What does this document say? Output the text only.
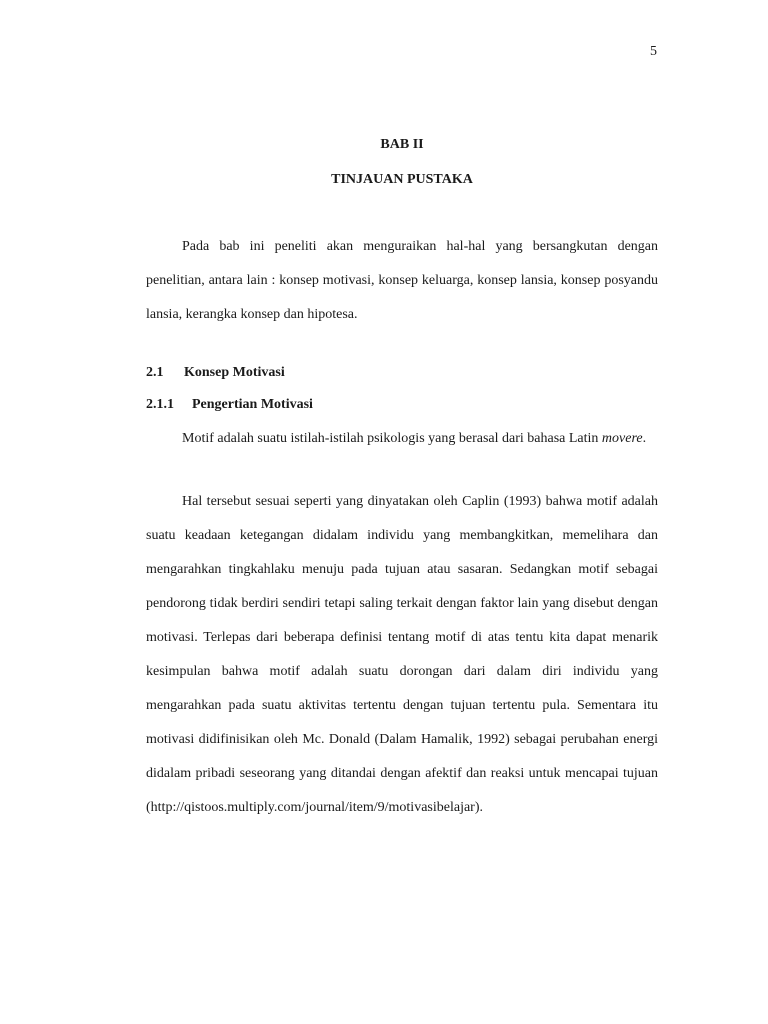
5
BAB II
TINJAUAN PUSTAKA

Pada bab ini peneliti akan menguraikan hal-hal yang bersangkutan dengan penelitian, antara lain : konsep motivasi, konsep keluarga, konsep lansia, konsep posyandu lansia, kerangka konsep dan hipotesa.

2.1 Konsep Motivasi
2.1.1 Pengertian Motivasi

Motif adalah suatu istilah-istilah psikologis yang berasal dari bahasa Latin movere.

Hal tersebut sesuai seperti yang dinyatakan oleh Caplin (1993) bahwa motif adalah suatu keadaan ketegangan didalam individu yang membangkitkan, memelihara dan mengarahkan tingkahlaku menuju pada tujuan atau sasaran. Sedangkan motif sebagai pendorong tidak berdiri sendiri tetapi saling terkait dengan faktor lain yang disebut dengan motivasi. Terlepas dari beberapa definisi tentang motif di atas tentu kita dapat menarik kesimpulan bahwa motif adalah suatu dorongan dari dalam diri individu yang mengarahkan pada suatu aktivitas tertentu dengan tujuan tertentu pula. Sementara itu motivasi didifinisikan oleh Mc. Donald (Dalam Hamalik, 1992) sebagai perubahan energi didalam pribadi seseorang yang ditandai dengan afektif dan reaksi untuk mencapai tujuan (http://qistoos.multiply.com/journal/item/9/motivasibelajar).
